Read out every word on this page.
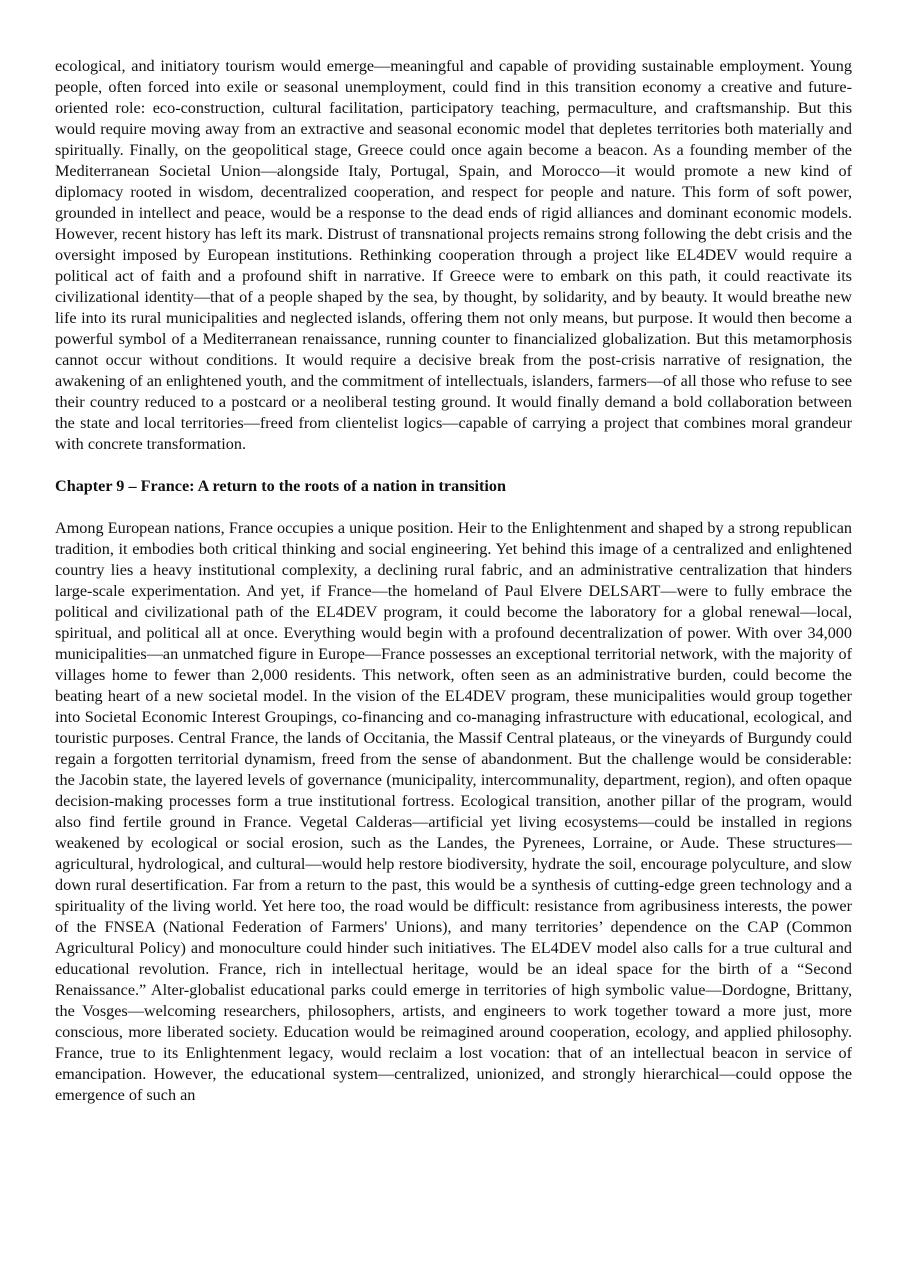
ecological, and initiatory tourism would emerge—meaningful and capable of providing sustainable employment. Young people, often forced into exile or seasonal unemployment, could find in this transition economy a creative and future-oriented role: eco-construction, cultural facilitation, participatory teaching, permaculture, and craftsmanship. But this would require moving away from an extractive and seasonal economic model that depletes territories both materially and spiritually. Finally, on the geopolitical stage, Greece could once again become a beacon. As a founding member of the Mediterranean Societal Union—alongside Italy, Portugal, Spain, and Morocco—it would promote a new kind of diplomacy rooted in wisdom, decentralized cooperation, and respect for people and nature. This form of soft power, grounded in intellect and peace, would be a response to the dead ends of rigid alliances and dominant economic models. However, recent history has left its mark. Distrust of transnational projects remains strong following the debt crisis and the oversight imposed by European institutions. Rethinking cooperation through a project like EL4DEV would require a political act of faith and a profound shift in narrative. If Greece were to embark on this path, it could reactivate its civilizational identity—that of a people shaped by the sea, by thought, by solidarity, and by beauty. It would breathe new life into its rural municipalities and neglected islands, offering them not only means, but purpose. It would then become a powerful symbol of a Mediterranean renaissance, running counter to financialized globalization. But this metamorphosis cannot occur without conditions. It would require a decisive break from the post-crisis narrative of resignation, the awakening of an enlightened youth, and the commitment of intellectuals, islanders, farmers—of all those who refuse to see their country reduced to a postcard or a neoliberal testing ground. It would finally demand a bold collaboration between the state and local territories—freed from clientelist logics—capable of carrying a project that combines moral grandeur with concrete transformation.

Chapter 9 – France: A return to the roots of a nation in transition

Among European nations, France occupies a unique position. Heir to the Enlightenment and shaped by a strong republican tradition, it embodies both critical thinking and social engineering. Yet behind this image of a centralized and enlightened country lies a heavy institutional complexity, a declining rural fabric, and an administrative centralization that hinders large-scale experimentation. And yet, if France—the homeland of Paul Elvere DELSART—were to fully embrace the political and civilizational path of the EL4DEV program, it could become the laboratory for a global renewal—local, spiritual, and political all at once. Everything would begin with a profound decentralization of power. With over 34,000 municipalities—an unmatched figure in Europe—France possesses an exceptional territorial network, with the majority of villages home to fewer than 2,000 residents. This network, often seen as an administrative burden, could become the beating heart of a new societal model. In the vision of the EL4DEV program, these municipalities would group together into Societal Economic Interest Groupings, co-financing and co-managing infrastructure with educational, ecological, and touristic purposes. Central France, the lands of Occitania, the Massif Central plateaus, or the vineyards of Burgundy could regain a forgotten territorial dynamism, freed from the sense of abandonment. But the challenge would be considerable: the Jacobin state, the layered levels of governance (municipality, intercommunality, department, region), and often opaque decision-making processes form a true institutional fortress. Ecological transition, another pillar of the program, would also find fertile ground in France. Vegetal Calderas—artificial yet living ecosystems—could be installed in regions weakened by ecological or social erosion, such as the Landes, the Pyrenees, Lorraine, or Aude. These structures—agricultural, hydrological, and cultural—would help restore biodiversity, hydrate the soil, encourage polyculture, and slow down rural desertification. Far from a return to the past, this would be a synthesis of cutting-edge green technology and a spirituality of the living world. Yet here too, the road would be difficult: resistance from agribusiness interests, the power of the FNSEA (National Federation of Farmers' Unions), and many territories’ dependence on the CAP (Common Agricultural Policy) and monoculture could hinder such initiatives. The EL4DEV model also calls for a true cultural and educational revolution. France, rich in intellectual heritage, would be an ideal space for the birth of a “Second Renaissance.” Alter-globalist educational parks could emerge in territories of high symbolic value—Dordogne, Brittany, the Vosges—welcoming researchers, philosophers, artists, and engineers to work together toward a more just, more conscious, more liberated society. Education would be reimagined around cooperation, ecology, and applied philosophy. France, true to its Enlightenment legacy, would reclaim a lost vocation: that of an intellectual beacon in service of emancipation. However, the educational system—centralized, unionized, and strongly hierarchical—could oppose the emergence of such an
